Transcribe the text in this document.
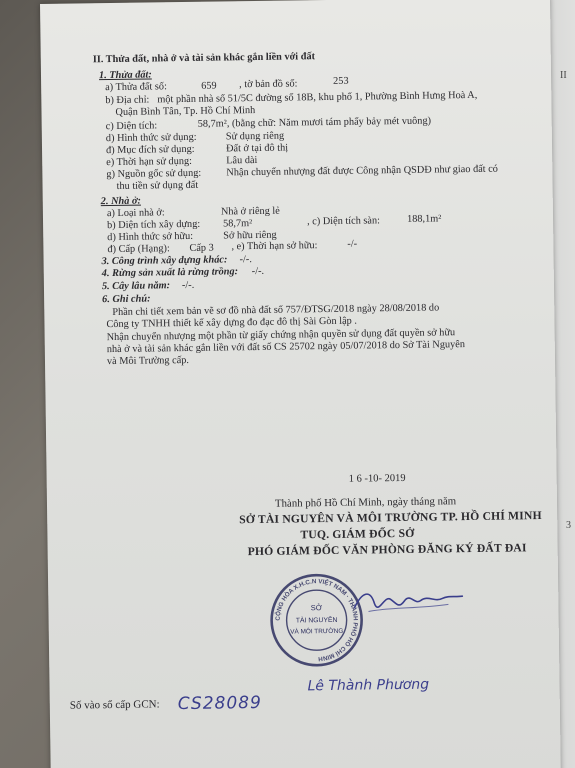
II
3
II. Thửa đất, nhà ở và tài sản khác gắn liền với đất
1. Thửa đất:
a) Thửa đất số:	659 , tờ bản đồ số:	253
b) Địa chỉ: một phần nhà số 51/5C đường số 18B, khu phố 1, Phường Bình Hưng Hoà A,
Quận Bình Tân, Tp. Hồ Chí Minh
c) Diện tích:	58,7m², (bằng chữ: Năm mươi tám phẩy bảy mét vuông)
d) Hình thức sử dụng:	Sử dụng riêng
đ) Mục đích sử dụng:	Đất ở tại đô thị
e) Thời hạn sử dụng:	Lâu dài
g) Nguồn gốc sử dụng: Nhận chuyển nhượng đất được Công nhận QSDĐ như giao đất có
thu tiền sử dụng đất
2. Nhà ở:
a) Loại nhà ở:	Nhà ở riêng lẻ
b) Diện tích xây dựng: 58,7m²	, c) Diện tích sàn:	188,1m²
d) Hình thức sở hữu:	Sở hữu riêng
đ) Cấp (Hạng): Cấp 3 , e) Thời hạn sở hữu:	-/-
3. Công trình xây dựng khác: -/-.
4. Rừng sản xuất là rừng trồng: -/-.
5. Cây lâu năm: -/-.
6. Ghi chú:
Phần chi tiết xem bản vẽ sơ đồ nhà đất số 757/ĐTSG/2018 ngày 28/08/2018 do
Công ty TNHH thiết kế xây dựng đo đạc đô thị Sài Gòn lập .
Nhận chuyển nhượng một phần từ giấy chứng nhận quyền sử dụng đất quyền sở hữu
nhà ở và tài sản khác gắn liền với đất số CS 25702 ngày 05/07/2018 do Sở Tài Nguyên
và Môi Trường cấp.
1 6 -10- 2019
Thành phố Hồ Chí Minh, ngày tháng năm
SỞ TÀI NGUYÊN VÀ MÔI TRƯỜNG TP. HỒ CHÍ MINH
TUQ. GIÁM ĐỐC SỞ
PHÓ GIÁM ĐỐC VĂN PHÒNG ĐĂNG KÝ ĐẤT ĐAI
CỘNG HÒA X.H.C.N VIỆT NAM · THÀNH PHỐ HỒ CHÍ MINH
SỞ
TÀI NGUYÊN
VÀ MÔI TRƯỜNG
Lê Thành Phương
Số vào sổ cấp GCN: CS28089
